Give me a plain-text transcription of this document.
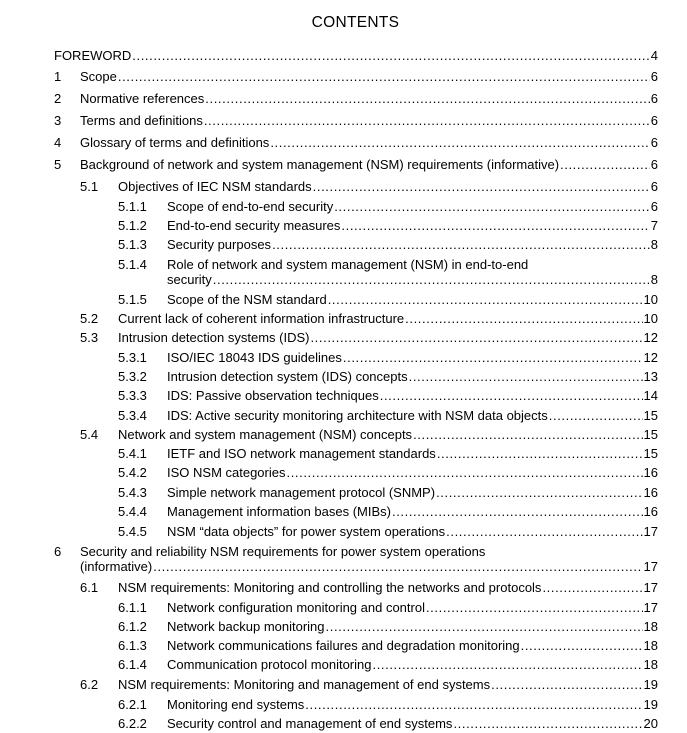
CONTENTS
FOREWORD .....	4
1 Scope .....	6
2 Normative references .....	6
3 Terms and definitions .....	6
4 Glossary of terms and definitions .....	6
5 Background of network and system management (NSM) requirements (informative) .....	6
5.1 Objectives of IEC NSM standards .....	6
5.1.1 Scope of end-to-end security .....	6
5.1.2 End-to-end security measures .....	7
5.1.3 Security purposes .....	8
5.1.4 Role of network and system management (NSM) in end-to-end
security .....	8
5.1.5 Scope of the NSM standard .....	10
5.2 Current lack of coherent information infrastructure .....	10
5.3 Intrusion detection systems (IDS) .....	12
5.3.1 ISO/IEC 18043 IDS guidelines .....	12
5.3.2 Intrusion detection system (IDS) concepts .....	13
5.3.3 IDS: Passive observation techniques .....	14
5.3.4 IDS: Active security monitoring architecture with NSM data objects .....	15
5.4 Network and system management (NSM) concepts .....	15
5.4.1 IETF and ISO network management standards .....	15
5.4.2 ISO NSM categories .....	16
5.4.3 Simple network management protocol (SNMP) .....	16
5.4.4 Management information bases (MIBs) .....	16
5.4.5 NSM “data objects” for power system operations .....	17
6 Security and reliability NSM requirements for power system operations
(informative) .....	17
6.1 NSM requirements: Monitoring and controlling the networks and protocols .....	17
6.1.1 Network configuration monitoring and control .....	17
6.1.2 Network backup monitoring .....	18
6.1.3 Network communications failures and degradation monitoring .....	18
6.1.4 Communication protocol monitoring .....	18
6.2 NSM requirements: Monitoring and management of end systems .....	19
6.2.1 Monitoring end systems .....	19
6.2.2 Security control and management of end systems .....	20
